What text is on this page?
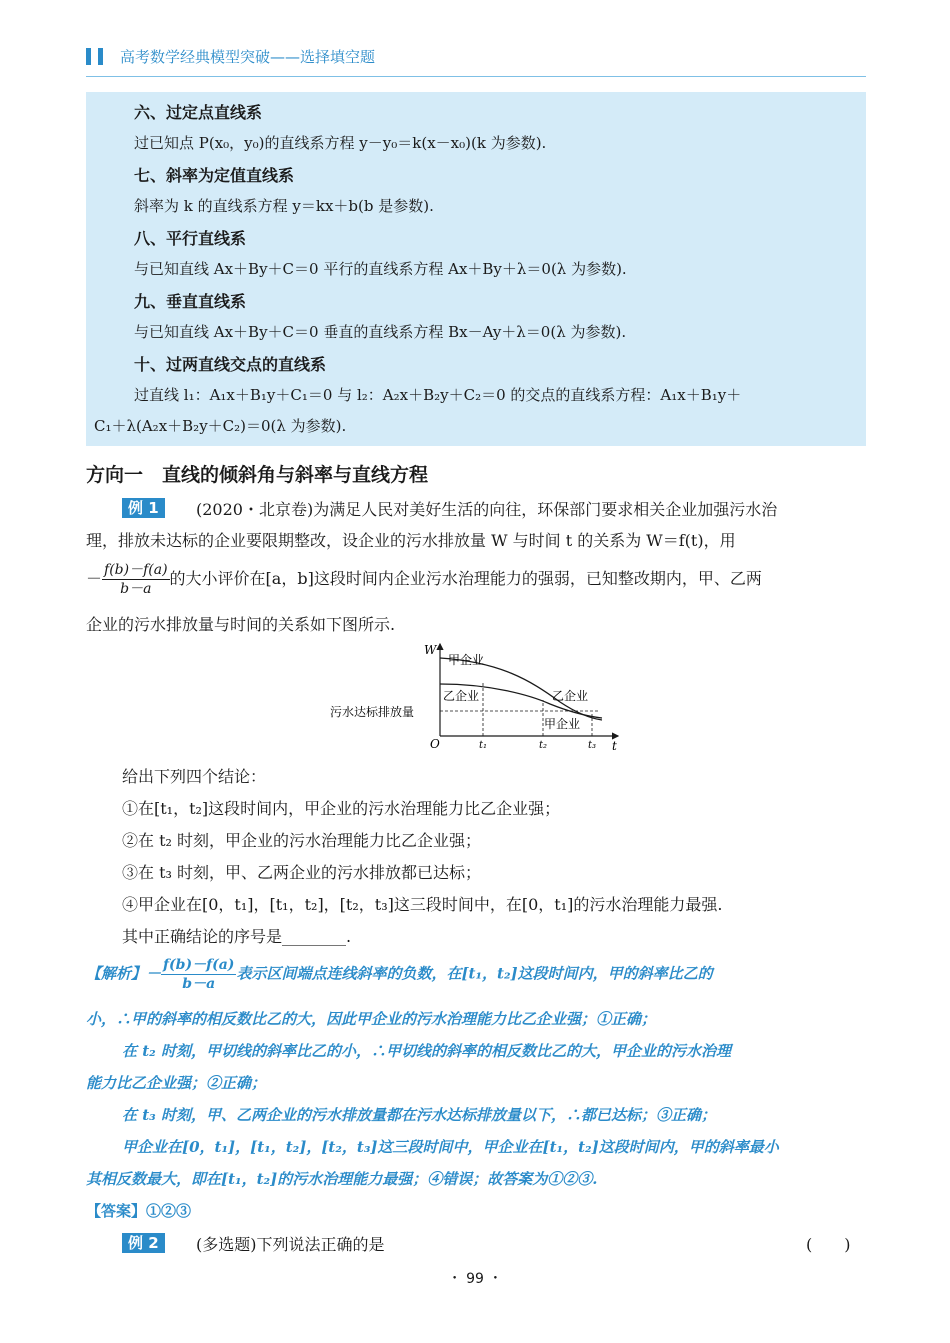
高考数学经典模型突破——选择填空题
六、过定点直线系
过已知点 P(x₀，y₀)的直线系方程 y－y₀＝k(x－x₀)(k 为参数).
七、斜率为定值直线系
斜率为 k 的直线系方程 y＝kx＋b(b 是参数).
八、平行直线系
与已知直线 Ax＋By＋C＝0 平行的直线系方程 Ax＋By＋λ＝0(λ 为参数).
九、垂直直线系
与已知直线 Ax＋By＋C＝0 垂直的直线系方程 Bx－Ay＋λ＝0(λ 为参数).
十、过两直线交点的直线系
过直线 l₁：A₁x＋B₁y＋C₁＝0 与 l₂：A₂x＋B₂y＋C₂＝0 的交点的直线系方程：A₁x＋B₁y＋
C₁＋λ(A₂x＋B₂y＋C₂)＝0(λ 为参数).
方向一　直线的倾斜角与斜率与直线方程
例 1	(2020・北京卷)为满足人民对美好生活的向往，环保部门要求相关企业加强污水治
理，排放未达标的企业要限期整改，设企业的污水排放量 W 与时间 t 的关系为 W＝f(t)，用
－ $\frac{f(b)-f(a)}{b-a}$ 的大小评价在[a，b]这段时间内企业污水治理能力的强弱，已知整改期内，甲、乙两
企业的污水排放量与时间的关系如下图所示.
W
t
O
污水达标排放量
甲企业
乙企业	乙企业
甲企业
t₁	t₂	t₃
给出下列四个结论：
①在[t₁，t₂]这段时间内，甲企业的污水治理能力比乙企业强；
②在 t₂ 时刻，甲企业的污水治理能力比乙企业强；
③在 t₃ 时刻，甲、乙两企业的污水排放都已达标；
④甲企业在[0，t₁]，[t₁，t₂]，[t₂，t₃]这三段时间中，在[0，t₁]的污水治理能力最强.
其中正确结论的序号是________.
【解析】－ $\frac{f(b)-f(a)}{b-a}$ 表示区间端点连线斜率的负数，在[t₁，t₂]这段时间内，甲的斜率比乙的
小，∴甲的斜率的相反数比乙的大，因此甲企业的污水治理能力比乙企业强；①正确；
在 t₂ 时刻，甲切线的斜率比乙的小，∴甲切线的斜率的相反数比乙的大，甲企业的污水治理
能力比乙企业强；②正确；
在 t₃ 时刻，甲、乙两企业的污水排放量都在污水达标排放量以下，∴都已达标；③正确；
甲企业在[0，t₁]，[t₁，t₂]，[t₂，t₃]这三段时间中，甲企业在[t₁，t₂]这段时间内，甲的斜率最小
其相反数最大，即在[t₁，t₂]的污水治理能力最强；④错误；故答案为①②③.
【答案】①②③
例 2	(多选题)下列说法正确的是	(　　)
・ 99 ・
